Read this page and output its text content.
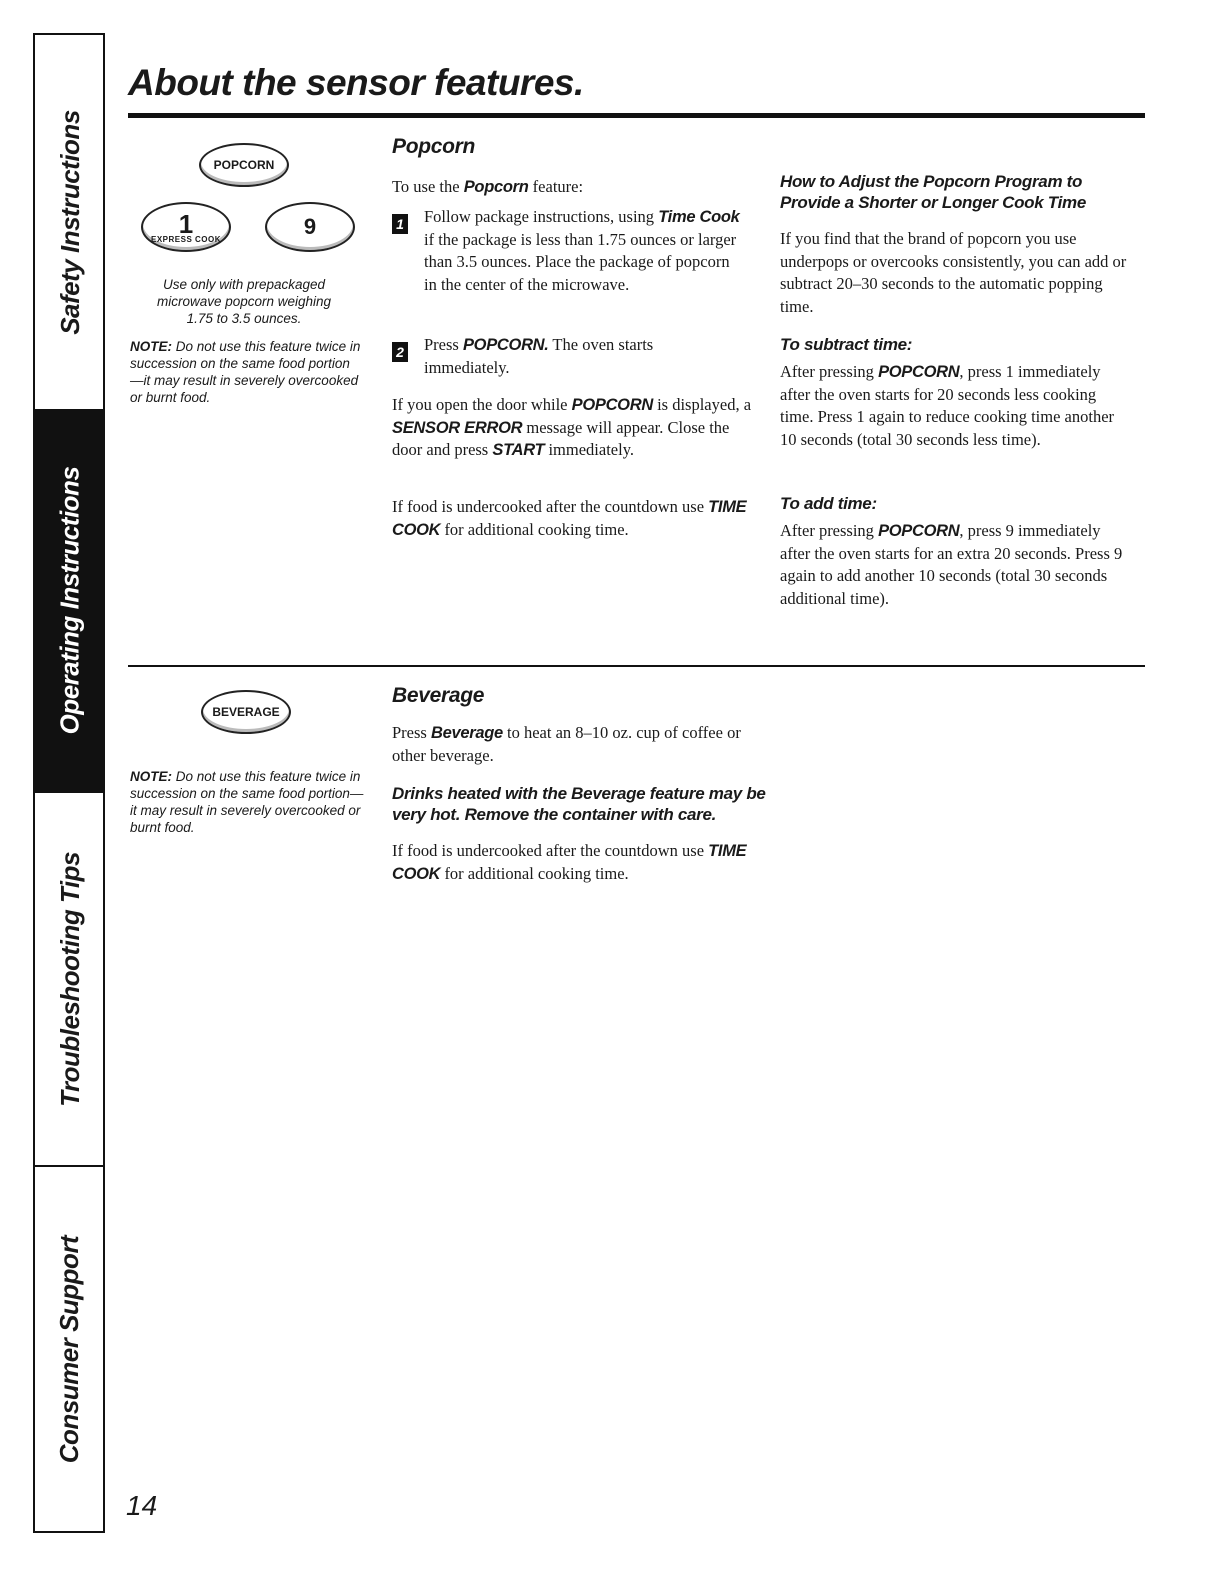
Safety Instructions
Operating Instructions
Troubleshooting Tips
Consumer Support
About the sensor features.
POPCORN
1
EXPRESS COOK
9
Use only with prepackaged
microwave popcorn weighing
1.75 to 3.5 ounces.
NOTE: Do not use this feature twice in succession on the same food portion—it may result in severely overcooked or burnt food.
Popcorn

To use the Popcorn feature:

1 Follow package instructions, using Time Cook if the package is less than 1.75 ounces or larger than 3.5 ounces. Place the package of popcorn in the center of the microwave.

2 Press POPCORN. The oven starts immediately.

If you open the door while POPCORN is displayed, a SENSOR ERROR message will appear. Close the door and press START immediately.

If food is undercooked after the countdown use TIME COOK for additional cooking time.

How to Adjust the Popcorn Program to Provide a Shorter or Longer Cook Time

If you find that the brand of popcorn you use underpops or overcooks consistently, you can add or subtract 20–30 seconds to the automatic popping time.

To subtract time:

After pressing POPCORN, press 1 immediately after the oven starts for 20 seconds less cooking time. Press 1 again to reduce cooking time another 10 seconds (total 30 seconds less time).

To add time:

After pressing POPCORN, press 9 immediately after the oven starts for an extra 20 seconds. Press 9 again to add another 10 seconds (total 30 seconds additional time).

BEVERAGE
NOTE: Do not use this feature twice in succession on the same food portion—it may result in severely overcooked or burnt food.
Beverage

Press Beverage to heat an 8–10 oz. cup of coffee or other beverage.

Drinks heated with the Beverage feature may be very hot. Remove the container with care.

If food is undercooked after the countdown use TIME COOK for additional cooking time.

14
